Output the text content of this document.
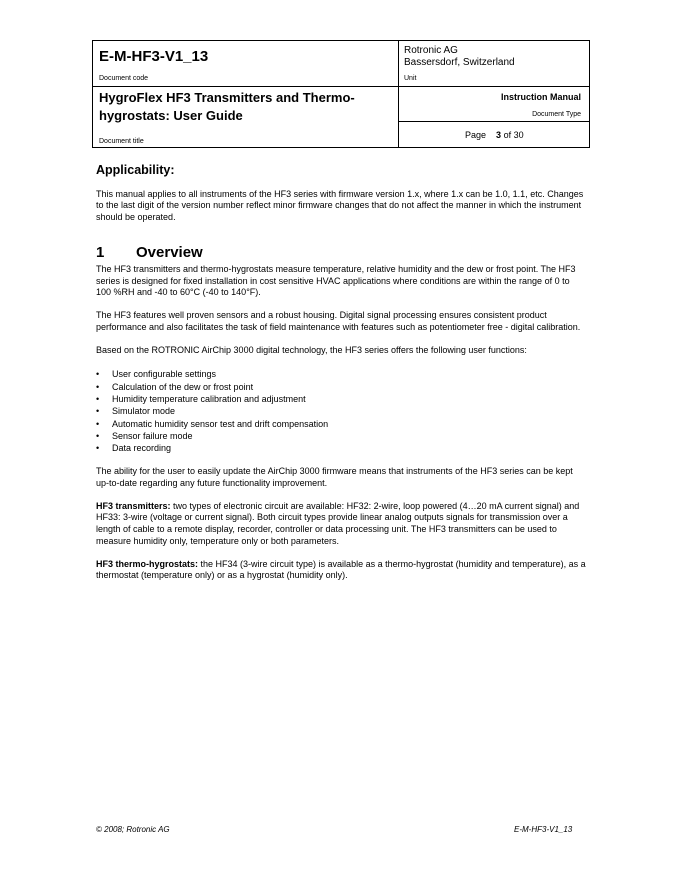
E-M-HF3-V1_13
Document code
Rotronic AG
Bassersdorf, Switzerland
Unit
HygroFlex HF3 Transmitters and Thermo-hygrostats: User Guide
Document title
Instruction Manual
Document Type
Page 3 of 30
Applicability:

This manual applies to all instruments of the HF3 series with firmware version 1.x, where 1.x can be 1.0, 1.1, etc. Changes to the last digit of the version number reflect minor firmware changes that do not affect the manner in which the instrument should be operated.

1	Overview

The HF3 transmitters and thermo-hygrostats measure temperature, relative humidity and the dew or frost point. The HF3 series is designed for fixed installation in cost sensitive HVAC applications where conditions are within the range of 0 to 100 %RH and -40 to 60°C (-40 to 140°F).

The HF3 features well proven sensors and a robust housing. Digital signal processing ensures consistent product performance and also facilitates the task of field maintenance with features such as potentiometer free - digital calibration.

Based on the ROTRONIC AirChip 3000 digital technology, the HF3 series offers the following user functions:

• User configurable settings
• Calculation of the dew or frost point
• Humidity temperature calibration and adjustment
• Simulator mode
• Automatic humidity sensor test and drift compensation
• Sensor failure mode
• Data recording

The ability for the user to easily update the AirChip 3000 firmware means that instruments of the HF3 series can be kept up-to-date regarding any future functionality improvement.

HF3 transmitters: two types of electronic circuit are available: HF32: 2-wire, loop powered (4…20 mA current signal) and HF33: 3-wire (voltage or current signal). Both circuit types provide linear analog outputs signals for transmission over a length of cable to a remote display, recorder, controller or data processing unit. The HF3 transmitters can be used to measure humidity only, temperature only or both parameters.

HF3 thermo-hygrostats: the HF34 (3-wire circuit type) is available as a thermo-hygrostat (humidity and temperature), as a thermostat (temperature only) or as a hygrostat (humidity only).

© 2008; Rotronic AG	E-M-HF3-V1_13
